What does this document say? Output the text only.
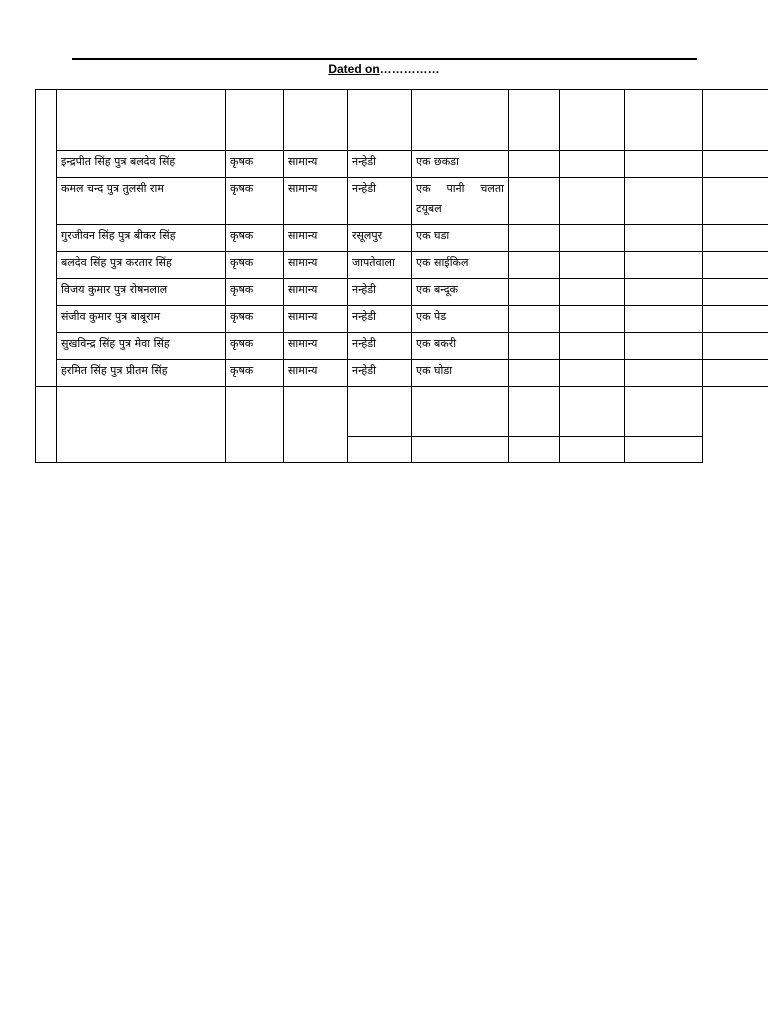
Dated on……………

	इन्द्रपीत सिंह पुत्र बलदेव सिंह	कृषक	सामान्य	नन्हेडी	एक छकडा				
	कमल चन्द पुत्र तुलसी राम	कृषक	सामान्य	नन्हेडी	एक पानी चलता टयूबल				
	गुरजीवन सिंह पुत्र बीकर सिंह	कृषक	सामान्य	रसूलपुर	एक घडा				
	बलदेव सिंह पुत्र करतार सिंह	कृषक	सामान्य	जापतेवाला	एक साईकिल				
	विजय कुमार पुत्र रोषनलाल	कृषक	सामान्य	नन्हेडी	एक बन्दूक				
	संजीव कुमार पुत्र बाबूराम	कृषक	सामान्य	नन्हेडी	एक पेड				
	सुखविन्द्र सिंह पुत्र मेवा सिंह	कृषक	सामान्य	नन्हेडी	एक बकरी				
	हरमित सिंह पुत्र प्रीतम सिंह	कृषक	सामान्य	नन्हेडी	एक घोडा				
